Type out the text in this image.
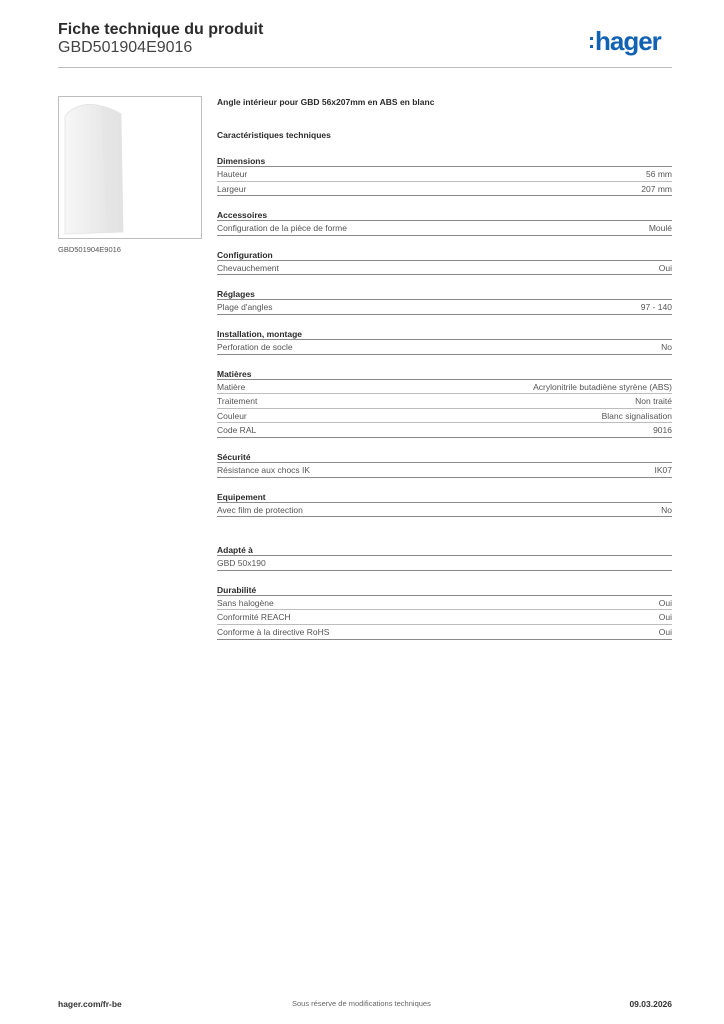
Fiche technique du produit
GBD501904E9016	hager
GBD501904E9016
Angle intérieur pour GBD 56x207mm en ABS en blanc
Caractéristiques techniques
Dimensions
Hauteur	56 mm
Largeur	207 mm
Accessoires
Configuration de la pièce de forme	Moulé
Configuration
Chevauchement	Oui
Réglages
Plage d'angles	97 - 140
Installation, montage
Perforation de socle	No
Matières
Matière	Acrylonitrile butadiène styrène (ABS)
Traitement	Non traité
Couleur	Blanc signalisation
Code RAL	9016
Sécurité
Résistance aux chocs IK	IK07
Equipement
Avec film de protection	No
Adapté à
GBD 50x190
Durabilité
Sans halogène	Oui
Conformité REACH	Oui
Conforme à la directive RoHS	Oui
hager.com/fr-be	Sous réserve de modifications techniques	09.03.2026
